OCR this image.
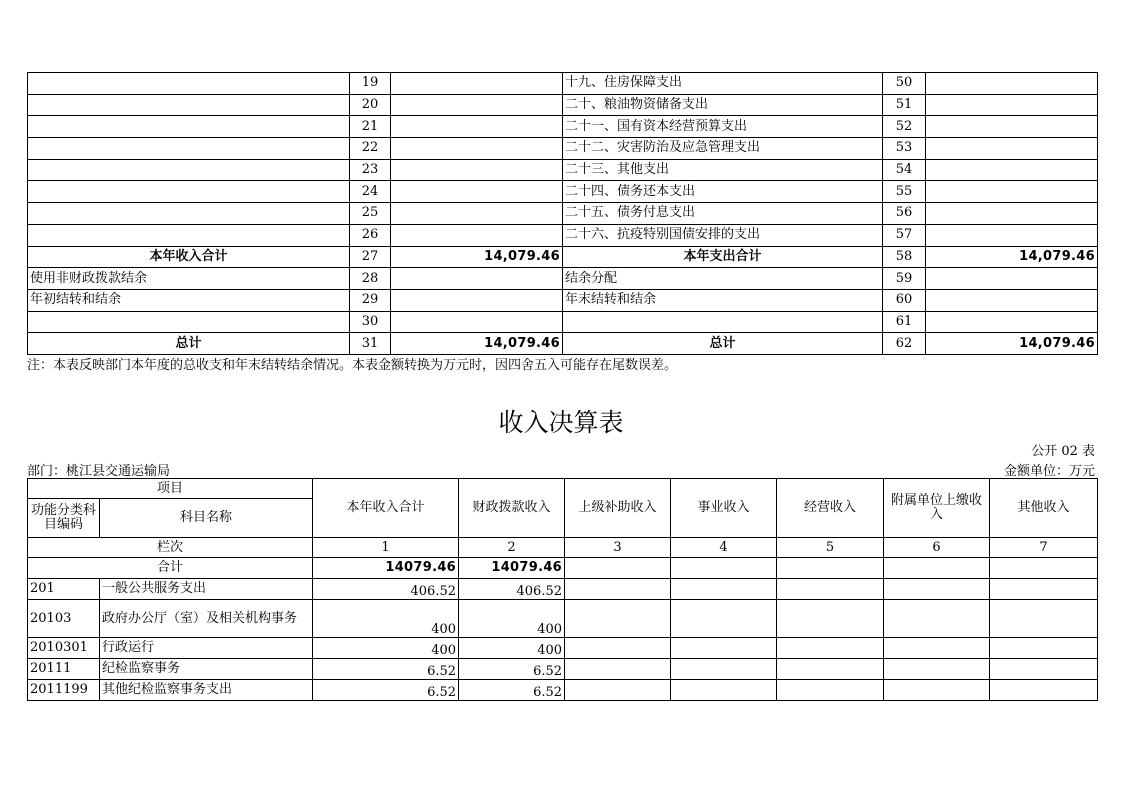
	19		十九、住房保障支出	50	
	20		二十、粮油物资储备支出	51	
	21		二十一、国有资本经营预算支出	52	
	22		二十二、灾害防治及应急管理支出	53	
	23		二十三、其他支出	54	
	24		二十四、债务还本支出	55	
	25		二十五、债务付息支出	56	
	26		二十六、抗疫特别国债安排的支出	57	
本年收入合计	27	14,079.46	本年支出合计	58	14,079.46
使用非财政拨款结余	28		结余分配	59	
年初结转和结余	29		年末结转和结余	60	
	30			61	
总计	31	14,079.46	总计	62	14,079.46
注：本表反映部门本年度的总收支和年末结转结余情况。本表金额转换为万元时，因四舍五入可能存在尾数误差。
收入决算表
公开 02 表
部门：桃江县交通运输局	金额单位：万元
项目		本年收入合计	财政拨款收入	上级补助收入	事业收入	经营收入	附属单位上缴收入	其他收入
功能分类科目编码	科目名称							
栏次		1	2	3	4	5	6	7
合计		14079.46	14079.46					
201	一般公共服务支出	406.52	406.52					
20103	政府办公厅（室）及相关机构事务	400	400					
2010301	行政运行	400	400					
20111	纪检监察事务	6.52	6.52					
2011199	其他纪检监察事务支出	6.52	6.52					
